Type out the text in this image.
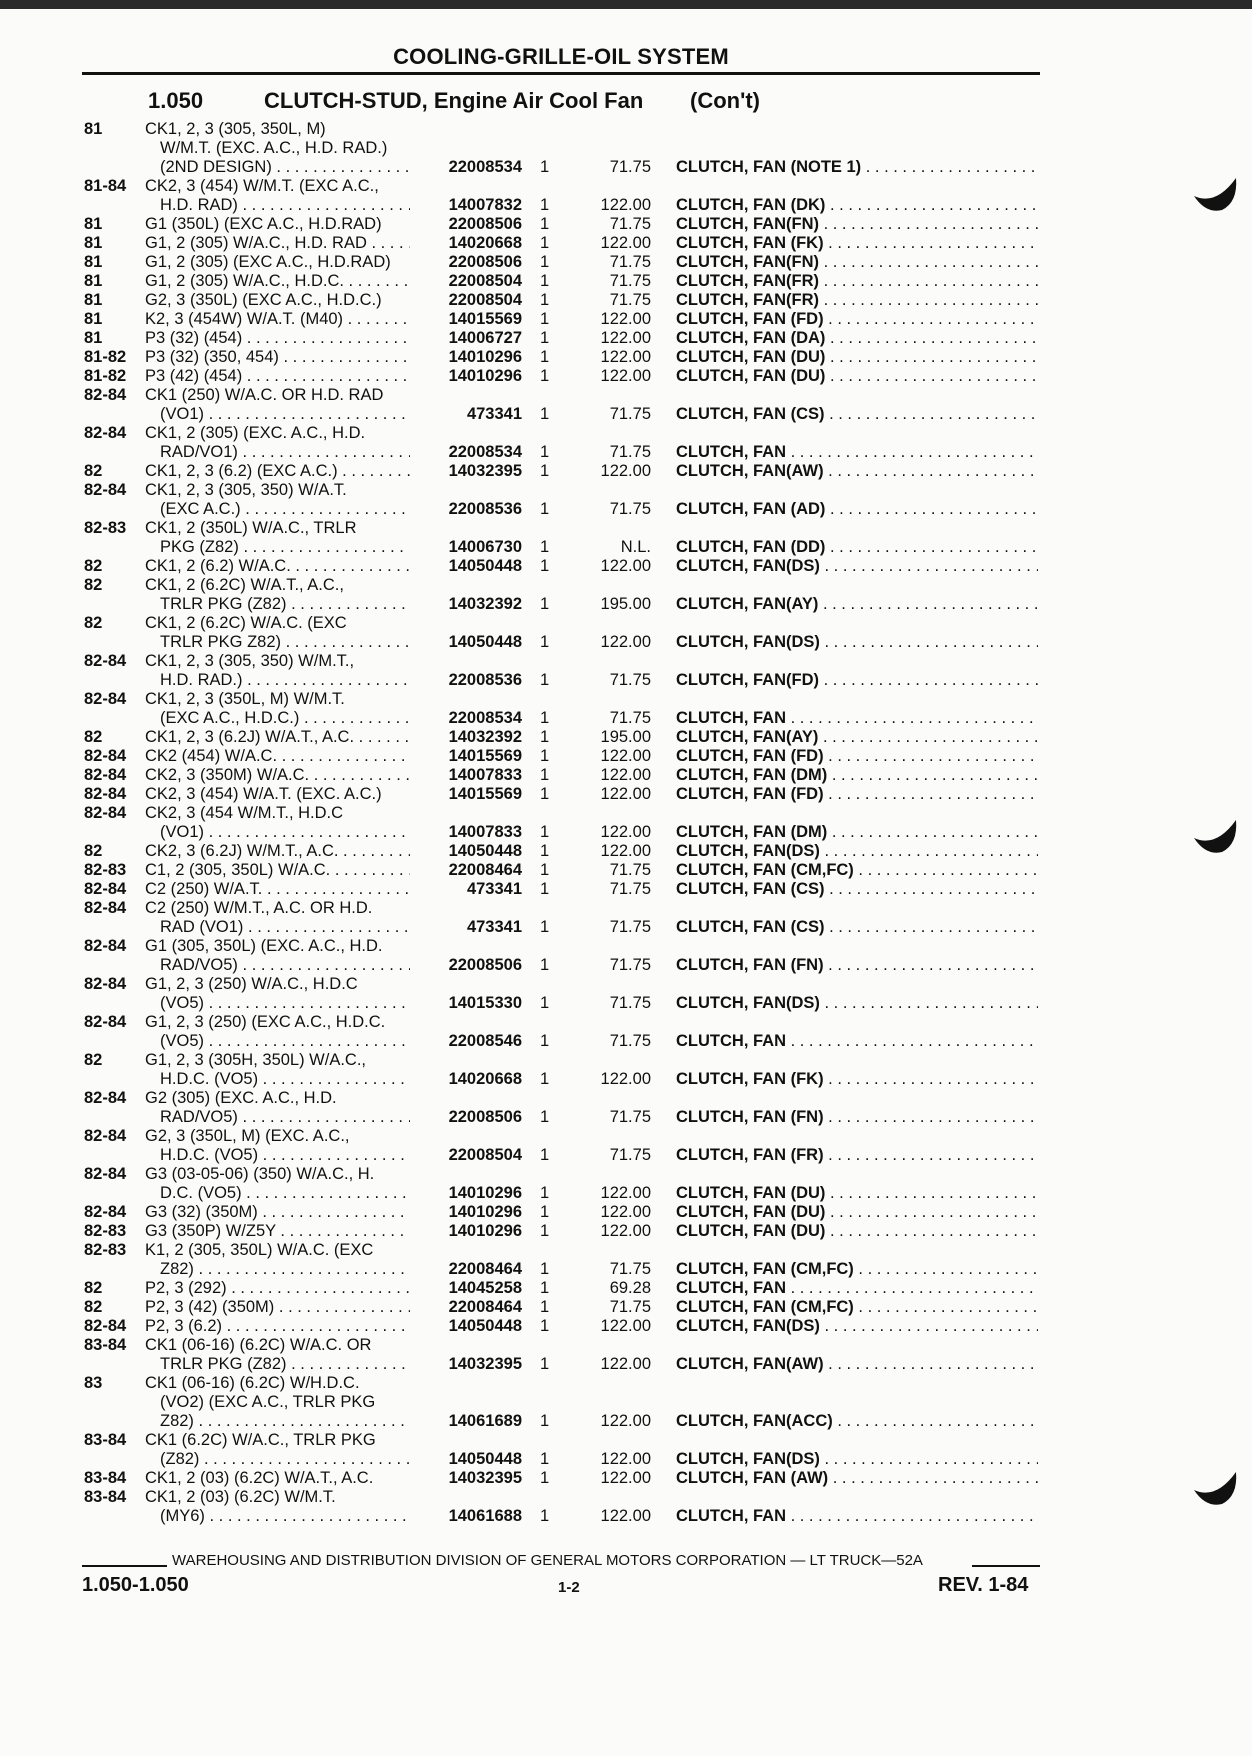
COOLING-GRILLE-OIL SYSTEM
1.050	CLUTCH-STUD, Engine Air Cool Fan (Con't)
81	CK1, 2, 3 (305, 350L, M)
W/M.T. (EXC. A.C., H.D. RAD.)
(2ND DESIGN) . . .	22008534 1	71.75 CLUTCH, FAN (NOTE 1) . . .
81-84 CK2, 3 (454) W/M.T. (EXC A.C.,
H.D. RAD) . . .	14007832 1	122.00 CLUTCH, FAN (DK) . . .
81	G1 (350L) (EXC A.C., H.D.RAD)	22008506 1	71.75 CLUTCH, FAN(FN) . . .
81	G1, 2 (305) W/A.C., H.D. RAD . . .	14020668 1	122.00 CLUTCH, FAN (FK) . . .
81	G1, 2 (305) (EXC A.C., H.D.RAD)	22008506 1	71.75 CLUTCH, FAN(FN) . . .
81	G1, 2 (305) W/A.C., H.D.C. . . .	22008504 1	71.75 CLUTCH, FAN(FR) . . .
81	G2, 3 (350L) (EXC A.C., H.D.C.)	22008504 1	71.75 CLUTCH, FAN(FR) . . .
81	K2, 3 (454W) W/A.T. (M40) . . .	14015569 1	122.00 CLUTCH, FAN (FD) . . .
81	P3 (32) (454) . . .	14006727 1	122.00 CLUTCH, FAN (DA) . . .
81-82 P3 (32) (350, 454) . . .	14010296 1	122.00 CLUTCH, FAN (DU) . . .
81-82 P3 (42) (454) . . .	14010296 1	122.00 CLUTCH, FAN (DU) . . .
82-84 CK1 (250) W/A.C. OR H.D. RAD
(VO1) . . .	473341 1	71.75 CLUTCH, FAN (CS) . . .
82-84 CK1, 2 (305) (EXC. A.C., H.D.
RAD/VO1) . . .	22008534 1	71.75 CLUTCH, FAN . . .
82	CK1, 2, 3 (6.2) (EXC A.C.) . . .	14032395 1	122.00 CLUTCH, FAN(AW) . . .
82-84 CK1, 2, 3 (305, 350) W/A.T.
(EXC A.C.) . . .	22008536 1	71.75 CLUTCH, FAN (AD) . . .
82-83 CK1, 2 (350L) W/A.C., TRLR
PKG (Z82) . . .	14006730 1	N.L. CLUTCH, FAN (DD) . . .
82	CK1, 2 (6.2) W/A.C. . . .	14050448 1	122.00 CLUTCH, FAN(DS) . . .
82	CK1, 2 (6.2C) W/A.T., A.C.,
TRLR PKG (Z82) . . .	14032392 1	195.00 CLUTCH, FAN(AY) . . .
82	CK1, 2 (6.2C) W/A.C. (EXC
TRLR PKG Z82) . . .	14050448 1	122.00 CLUTCH, FAN(DS) . . .
82-84 CK1, 2, 3 (305, 350) W/M.T.,
H.D. RAD.) . . .	22008536 1	71.75 CLUTCH, FAN(FD) . . .
82-84 CK1, 2, 3 (350L, M) W/M.T.
(EXC A.C., H.D.C.) . . .	22008534 1	71.75 CLUTCH, FAN . . .
82	CK1, 2, 3 (6.2J) W/A.T., A.C. . . .	14032392 1	195.00 CLUTCH, FAN(AY) . . .
82-84 CK2 (454) W/A.C. . . .	14015569 1	122.00 CLUTCH, FAN (FD) . . .
82-84 CK2, 3 (350M) W/A.C. . . .	14007833 1	122.00 CLUTCH, FAN (DM) . . .
82-84 CK2, 3 (454) W/A.T. (EXC. A.C.)	14015569 1	122.00 CLUTCH, FAN (FD) . . .
82-84 CK2, 3 (454 W/M.T., H.D.C
(VO1) . . .	14007833 1	122.00 CLUTCH, FAN (DM) . . .
82	CK2, 3 (6.2J) W/M.T., A.C. . . .	14050448 1	122.00 CLUTCH, FAN(DS) . . .
82-83 C1, 2 (305, 350L) W/A.C. . . .	22008464 1	71.75 CLUTCH, FAN (CM,FC) . . .
82-84 C2 (250) W/A.T. . . .	473341 1	71.75 CLUTCH, FAN (CS) . . .
82-84 C2 (250) W/M.T., A.C. OR H.D.
RAD (VO1) . . .	473341 1	71.75 CLUTCH, FAN (CS) . . .
82-84 G1 (305, 350L) (EXC. A.C., H.D.
RAD/VO5) . . .	22008506 1	71.75 CLUTCH, FAN (FN) . . .
82-84 G1, 2, 3 (250) W/A.C., H.D.C
(VO5) . . .	14015330 1	71.75 CLUTCH, FAN(DS) . . .
82-84 G1, 2, 3 (250) (EXC A.C., H.D.C.
(VO5) . . .	22008546 1	71.75 CLUTCH, FAN . . .
82	G1, 2, 3 (305H, 350L) W/A.C.,
H.D.C. (VO5) . . .	14020668 1	122.00 CLUTCH, FAN (FK) . . .
82-84 G2 (305) (EXC. A.C., H.D.
RAD/VO5) . . .	22008506 1	71.75 CLUTCH, FAN (FN) . . .
82-84 G2, 3 (350L, M) (EXC. A.C.,
H.D.C. (VO5) . . .	22008504 1	71.75 CLUTCH, FAN (FR) . . .
82-84 G3 (03-05-06) (350) W/A.C., H.
D.C. (VO5) . . .	14010296 1	122.00 CLUTCH, FAN (DU) . . .
82-84 G3 (32) (350M) . . .	14010296 1	122.00 CLUTCH, FAN (DU) . . .
82-83 G3 (350P) W/Z5Y . . .	14010296 1	122.00 CLUTCH, FAN (DU) . . .
82-83 K1, 2 (305, 350L) W/A.C. (EXC
Z82) . . .	22008464 1	71.75 CLUTCH, FAN (CM,FC) . . .
82	P2, 3 (292) . . .	14045258 1	69.28 CLUTCH, FAN . . .
82	P2, 3 (42) (350M) . . .	22008464 1	71.75 CLUTCH, FAN (CM,FC) . . .
82-84 P2, 3 (6.2) . . .	14050448 1	122.00 CLUTCH, FAN(DS) . . .
83-84 CK1 (06-16) (6.2C) W/A.C. OR
TRLR PKG (Z82) . . .	14032395 1	122.00 CLUTCH, FAN(AW) . . .
83	CK1 (06-16) (6.2C) W/H.D.C.
(VO2) (EXC A.C., TRLR PKG
Z82) . . .	14061689 1	122.00 CLUTCH, FAN(ACC) . . .
83-84 CK1 (6.2C) W/A.C., TRLR PKG
(Z82) . . .	14050448 1	122.00 CLUTCH, FAN(DS) . . .
83-84 CK1, 2 (03) (6.2C) W/A.T., A.C.	14032395 1	122.00 CLUTCH, FAN (AW) . . .
83-84 CK1, 2 (03) (6.2C) W/M.T.
(MY6) . . .	14061688 1	122.00 CLUTCH, FAN . . .
WAREHOUSING AND DISTRIBUTION DIVISION OF GENERAL MOTORS CORPORATION — LT TRUCK—52A
1.050-1.050	1-2	REV. 1-84
